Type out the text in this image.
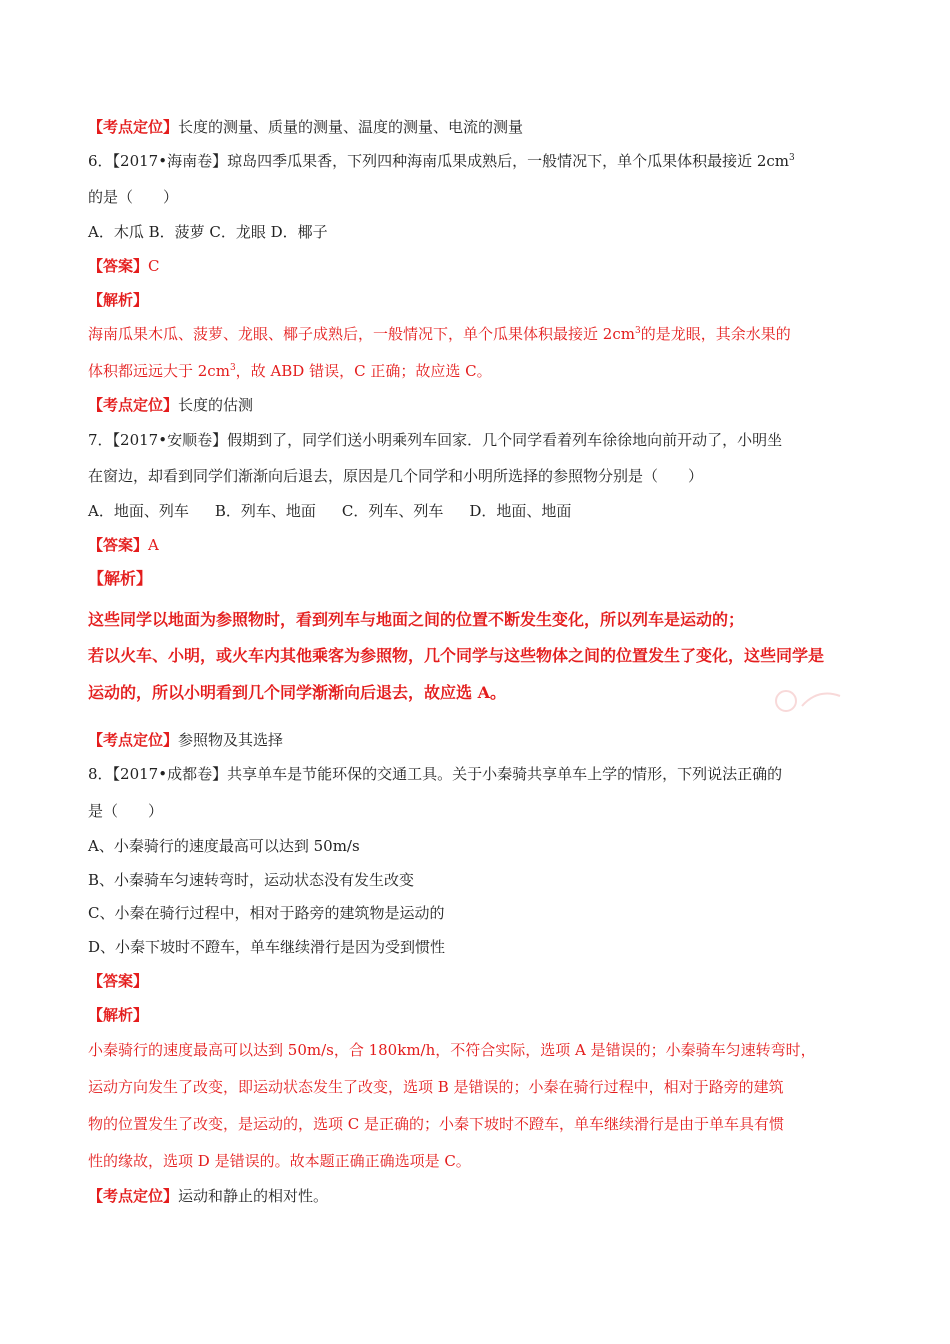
【考点定位】长度的测量、质量的测量、温度的测量、电流的测量
6．【2017•海南卷】琼岛四季瓜果香，下列四种海南瓜果成熟后，一般情况下，单个瓜果体积最接近 $2cm^3$
的是（　　）
A．木瓜 B．菠萝 C．龙眼 D．椰子
【答案】C
【解析】
海南瓜果木瓜、菠萝、龙眼、椰子成熟后，一般情况下，单个瓜果体积最接近 $2cm^3$的是龙眼，其余水果的
体积都远远大于 $2cm^3$，故 ABD 错误，C 正确；故应选 C。
【考点定位】长度的估测
7．【2017•安顺卷】假期到了，同学们送小明乘列车回家．几个同学看着列车徐徐地向前开动了，小明坐
在窗边，却看到同学们渐渐向后退去，原因是几个同学和小明所选择的参照物分别是（　　）
A．地面、列车 B．列车、地面 C．列车、列车 D．地面、地面
【答案】A
【解析】
这些同学以地面为参照物时，看到列车与地面之间的位置不断发生变化，所以列车是运动的；
若以火车、小明，或火车内其他乘客为参照物，几个同学与这些物体之间的位置发生了变化，这些同学是
运动的，所以小明看到几个同学渐渐向后退去，故应选 A。
【考点定位】参照物及其选择
8．【2017•成都卷】共享单车是节能环保的交通工具。关于小秦骑共享单车上学的情形，下列说法正确的
是（　　）
A、小秦骑行的速度最高可以达到 50m/s
B、小秦骑车匀速转弯时，运动状态没有发生改变
C、小秦在骑行过程中，相对于路旁的建筑物是运动的
D、小秦下坡时不蹬车，单车继续滑行是因为受到惯性
【答案】
【解析】
小秦骑行的速度最高可以达到 50m/s，合 180km/h，不符合实际，选项 A 是错误的；小秦骑车匀速转弯时，
运动方向发生了改变，即运动状态发生了改变，选项 B 是错误的；小秦在骑行过程中，相对于路旁的建筑
物的位置发生了改变，是运动的，选项 C 是正确的；小秦下坡时不蹬车，单车继续滑行是由于单车具有惯
性的缘故，选项 D 是错误的。故本题正确正确选项是 C。
【考点定位】运动和静止的相对性。
